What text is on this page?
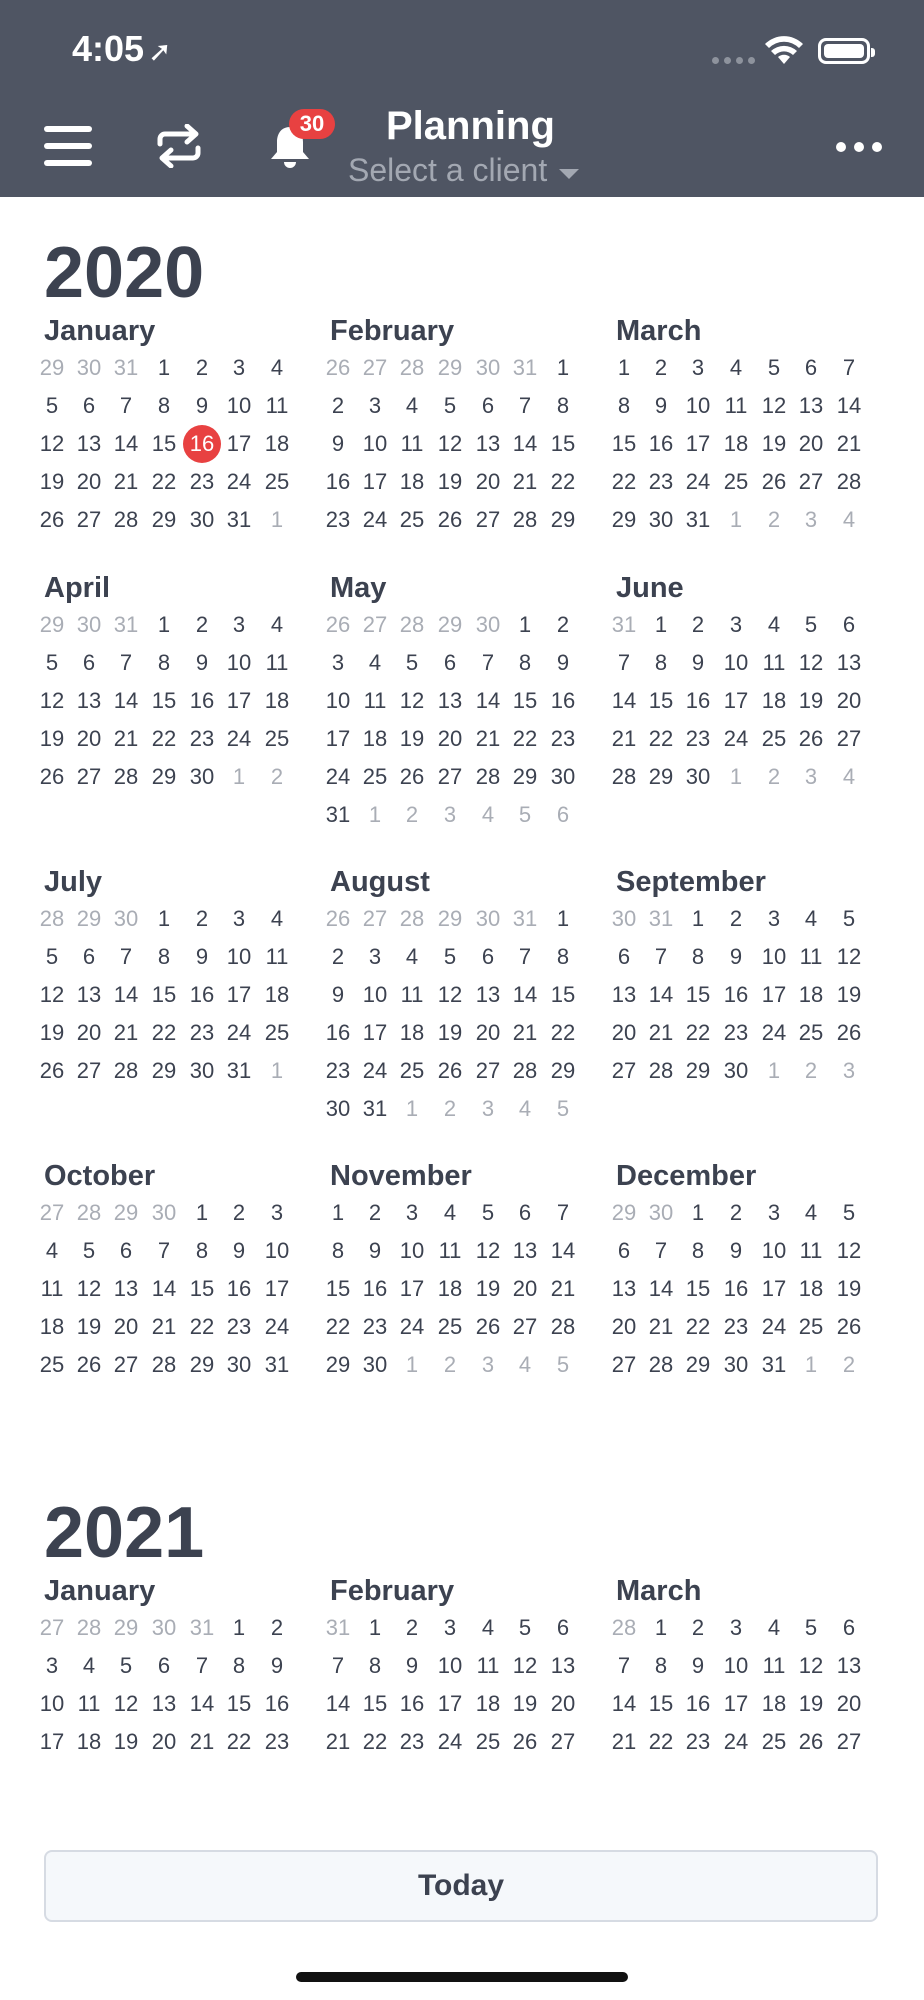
4:05 ➚
30 Planning
Select a client
2020
January
29 30 31 1	2	3	4
5	6	7	8	9 10 11
12 13 14 15 16 17 18
19 20 21 22 23 24 25
26 27 28 29 30 31 1
February
26 27 28 29 30 31 1
2	3	4	5	6	7	8
9 10 11 12 13 14 15
16 17 18 19 20 21 22
23 24 25 26 27 28 29
March
1	2	3	4	5	6	7
8	9 10 11 12 13 14
15 16 17 18 19 20 21
22 23 24 25 26 27 28
29 30 31 1	2	3	4
April
29 30 31 1	2	3	4
5	6	7	8	9 10 11
12 13 14 15 16 17 18
19 20 21 22 23 24 25
26 27 28 29 30 1	2
May
26 27 28 29 30 1	2
3	4	5	6	7	8	9
10 11 12 13 14 15 16
17 18 19 20 21 22 23
24 25 26 27 28 29 30
31 1	2	3	4	5	6
June
31 1	2	3	4	5	6
7	8	9 10 11 12 13
14 15 16 17 18 19 20
21 22 23 24 25 26 27
28 29 30 1	2	3	4
July
28 29 30 1	2	3	4
5	6	7	8	9 10 11
12 13 14 15 16 17 18
19 20 21 22 23 24 25
26 27 28 29 30 31 1
August
26 27 28 29 30 31 1
2	3	4	5	6	7	8
9 10 11 12 13 14 15
16 17 18 19 20 21 22
23 24 25 26 27 28 29
30 31 1	2	3	4	5
September
30 31 1	2	3	4	5
6	7	8	9 10 11 12
13 14 15 16 17 18 19
20 21 22 23 24 25 26
27 28 29 30 1	2	3
October
27 28 29 30 1	2	3
4	5	6	7	8	9 10
11 12 13 14 15 16 17
18 19 20 21 22 23 24
25 26 27 28 29 30 31
November
1	2	3	4	5	6	7
8	9 10 11 12 13 14
15 16 17 18 19 20 21
22 23 24 25 26 27 28
29 30 1	2	3	4	5
December
29 30 1	2	3	4	5
6	7	8	9 10 11 12
13 14 15 16 17 18 19
20 21 22 23 24 25 26
27 28 29 30 31 1	2
2021
January
27 28 29 30 31 1	2
3	4	5	6	7	8	9
10 11 12 13 14 15 16
17 18 19 20 21 22 23
February
31 1	2	3	4	5	6
7	8	9 10 11 12 13
14 15 16 17 18 19 20
21 22 23 24 25 26 27
March
28 1	2	3	4	5	6
7	8	9 10 11 12 13
14 15 16 17 18 19 20
21 22 23 24 25 26 27
Today
